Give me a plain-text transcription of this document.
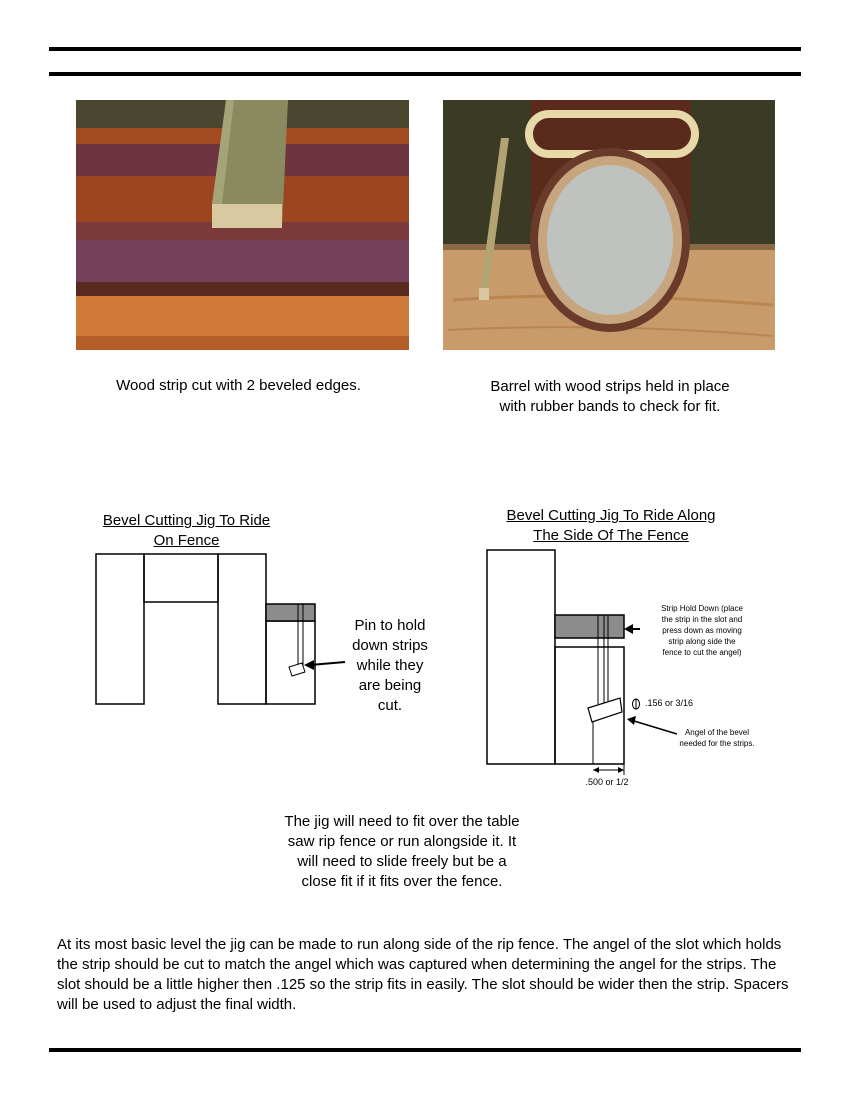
Wood strip cut with 2 beveled edges.	Barrel with wood strips held in place
with rubber bands to check for fit.
Bevel Cutting Jig To Ride
On Fence
Pin to hold
down strips
while they
are being
cut.
Bevel Cutting Jig To Ride Along
The Side Of The Fence
Strip Hold Down (place
the strip in the slot and
press down as moving
strip along side the
fence to cut the angel)
.156 or 3/16
Angel of the bevel
needed for the strips.
.500 or 1/2
The jig will need to fit over the table
saw rip fence or run alongside it. It
will need to slide freely but be a
close fit if it fits over the fence.
At its most basic level the jig can be made to run along side of the rip fence. The angel of the slot which holds the strip should be cut to match the angel which was captured when determining the angel for the strips. The slot should be a little higher then .125 so the strip fits in easily. The slot should be wider then the strip. Spacers will be used to adjust the final width.
